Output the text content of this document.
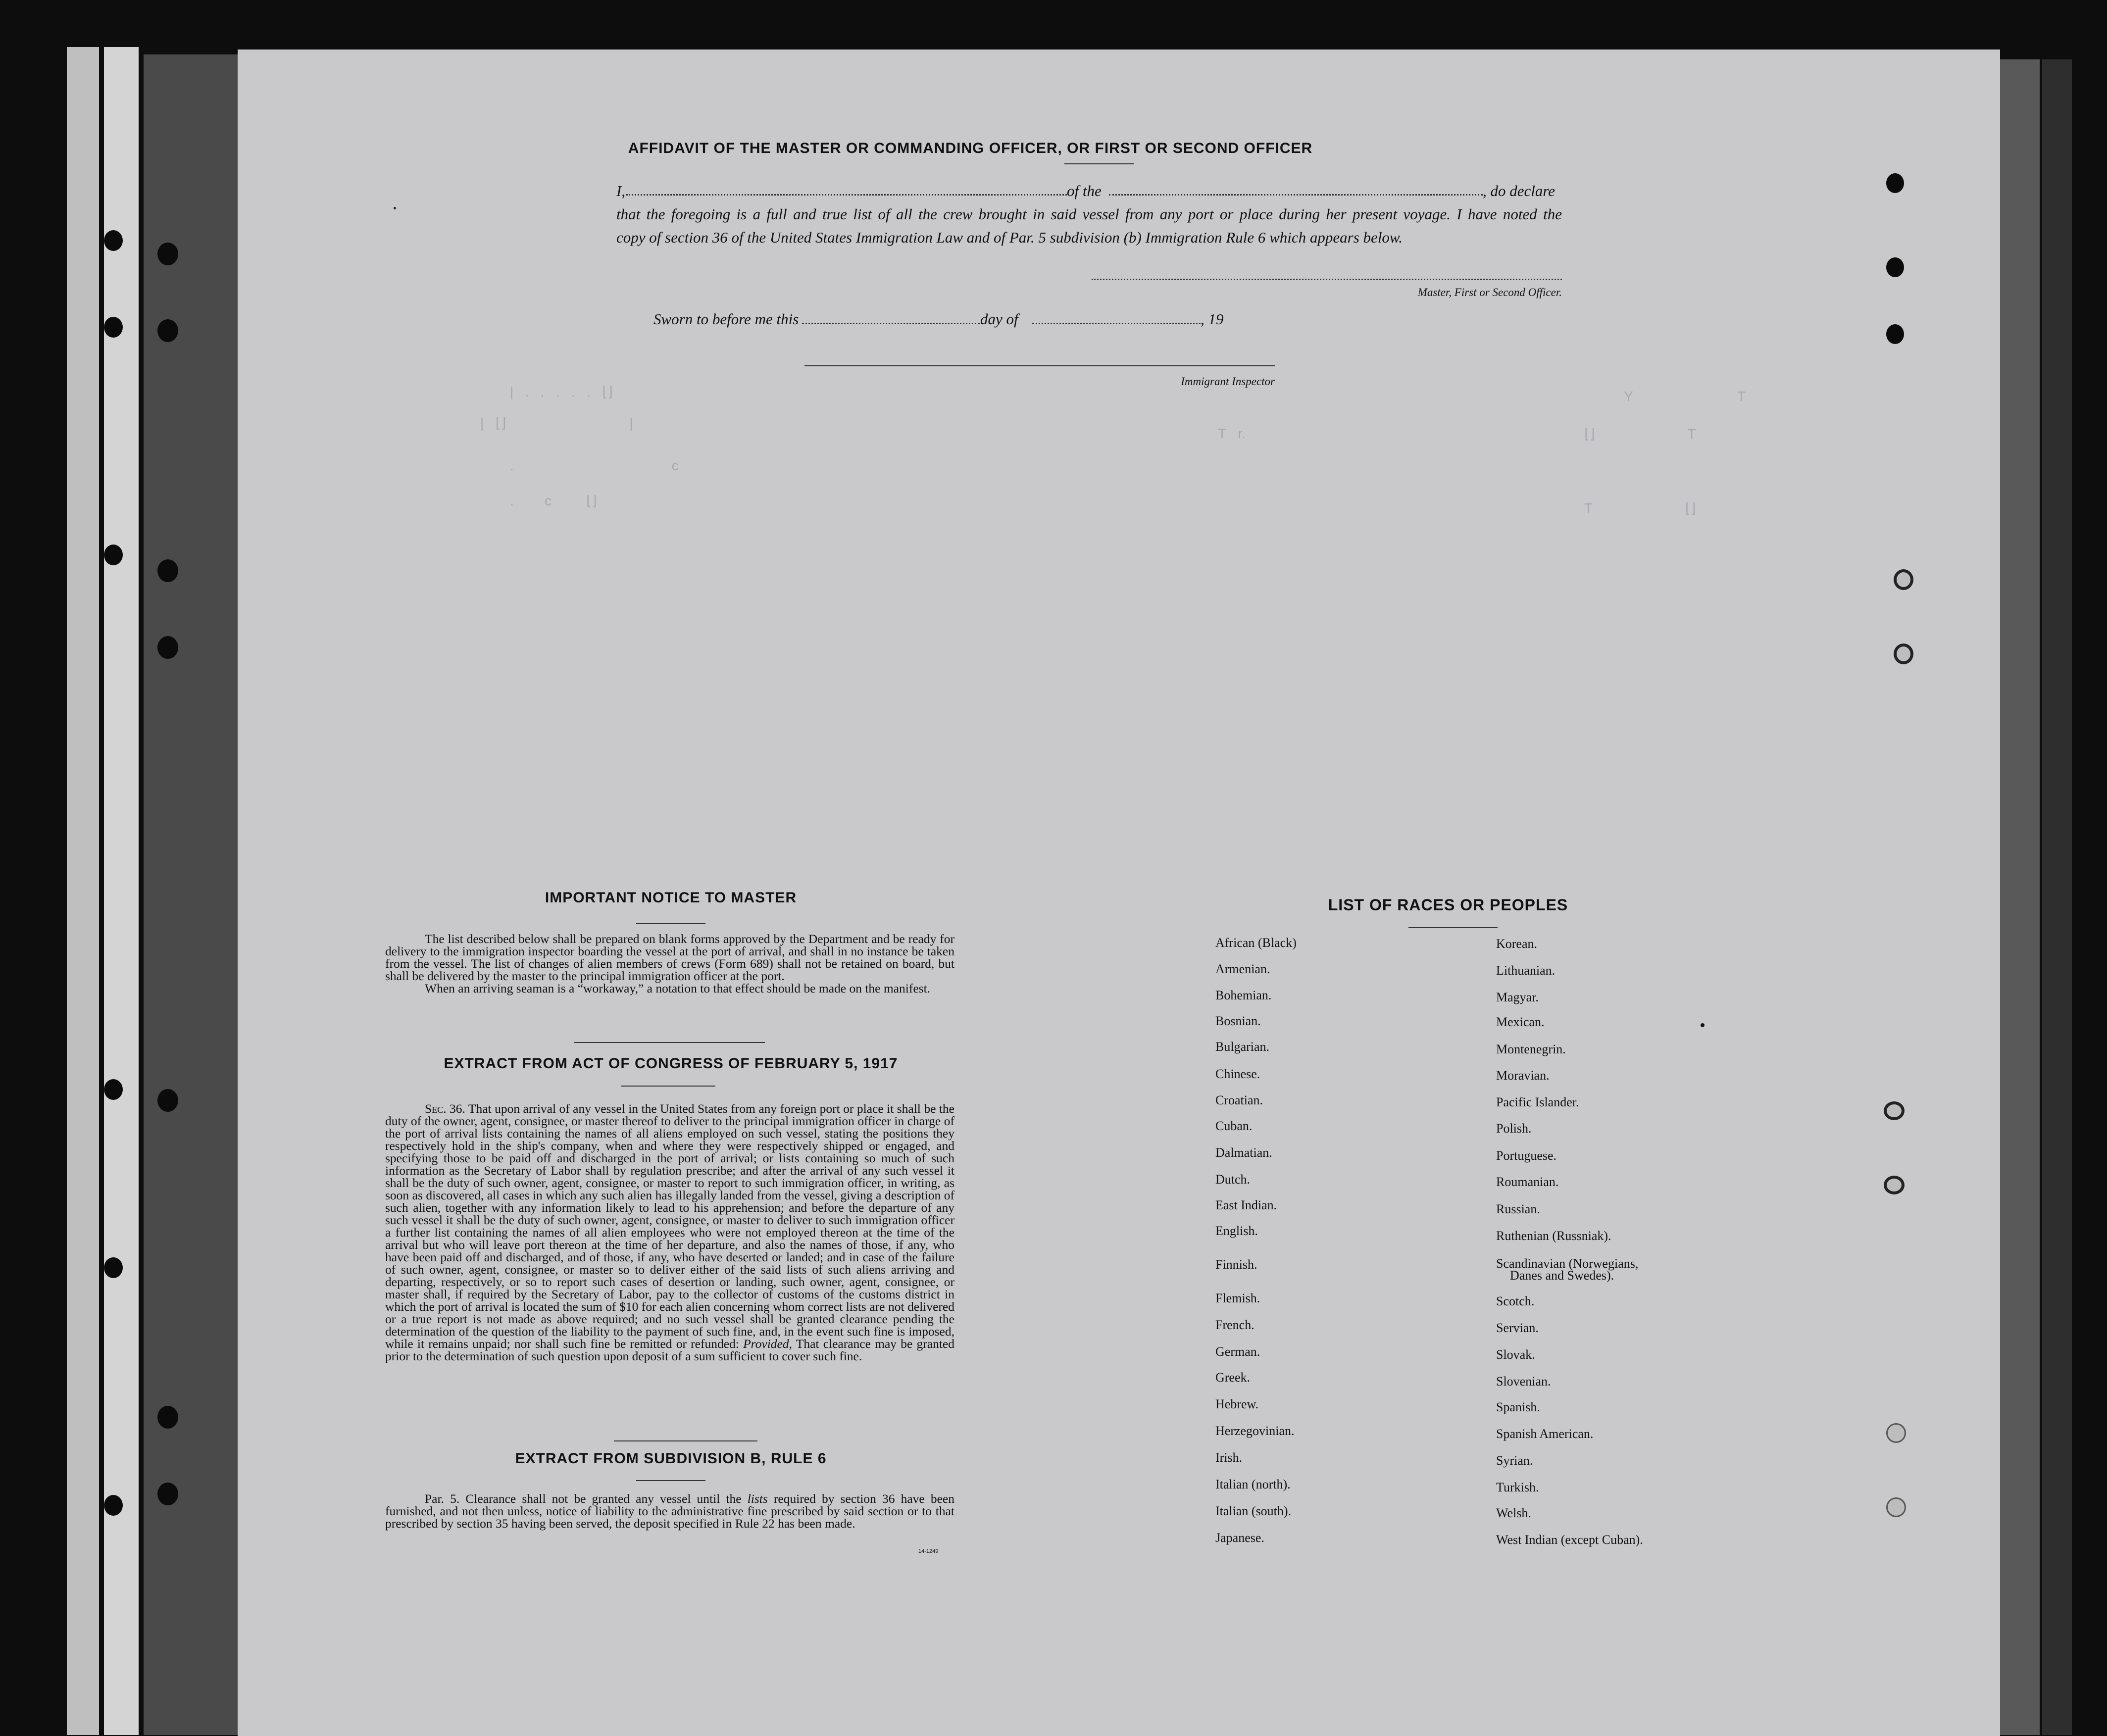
|   .   .   .   .   .   ⌊⌋
|   ⌊⌋                                |
T   r.
Y                           T
⌊⌋                        T
.                                         c
.        c         ⌊⌋	T                        ⌊⌋
AFFIDAVIT OF THE MASTER OR COMMANDING OFFICER, OR FIRST OR SECOND OFFICER
I,	of the	, do declare
that the foregoing is a full and true list of all the crew brought in said vessel from any port or place during her present voyage. I have noted the
copy of section 36 of the United States Immigration Law and of Par. 5 subdivision (b) Immigration Rule 6 which appears below.
Master, First or Second Officer.
Sworn to before me this	day of	, 19
Immigrant Inspector
IMPORTANT NOTICE TO MASTER
The list described below shall be prepared on blank forms approved by the Department and be ready for delivery to the immigration inspector boarding the vessel at the port of arrival, and shall in no instance be taken from the vessel. The list of changes of alien members of crews (Form 689) shall not be retained on board, but shall be delivered by the master to the principal immigration officer at the port.
When an arriving seaman is a “workaway,” a notation to that effect should be made on the manifest.
EXTRACT FROM ACT OF CONGRESS OF FEBRUARY 5, 1917
Sec. 36. That upon arrival of any vessel in the United States from any foreign port or place it shall be the duty of the owner, agent, consignee, or master thereof to deliver to the principal immigration officer in charge of the port of arrival lists containing the names of all aliens employed on such vessel, stating the positions they respectively hold in the ship's company, when and where they were respectively shipped or engaged, and specifying those to be paid off and discharged in the port of arrival; or lists containing so much of such information as the Secretary of Labor shall by regulation prescribe; and after the arrival of any such vessel it shall be the duty of such owner, agent, consignee, or master to report to such immigration officer, in writing, as soon as discovered, all cases in which any such alien has illegally landed from the vessel, giving a description of such alien, together with any information likely to lead to his apprehension; and before the departure of any such vessel it shall be the duty of such owner, agent, consignee, or master to deliver to such immigration officer a further list containing the names of all alien employees who were not employed thereon at the time of the arrival but who will leave port thereon at the time of her departure, and also the names of those, if any, who have been paid off and discharged, and of those, if any, who have deserted or landed; and in case of the failure of such owner, agent, consignee, or master so to deliver either of the said lists of such aliens arriving and departing, respectively, or so to report such cases of desertion or landing, such owner, agent, consignee, or master shall, if required by the Secretary of Labor, pay to the collector of customs of the customs district in which the port of arrival is located the sum of $10 for each alien concerning whom correct lists are not delivered or a true report is not made as above required; and no such vessel shall be granted clearance pending the determination of the question of the liability to the payment of such fine, and, in the event such fine is imposed, while it remains unpaid; nor shall such fine be remitted or refunded: Provided, That clearance may be granted prior to the determination of such question upon deposit of a sum sufficient to cover such fine.
EXTRACT FROM SUBDIVISION B, RULE 6
Par. 5. Clearance shall not be granted any vessel until the lists required by section 36 have been furnished, and not then unless, notice of liability to the administrative fine prescribed by said section or to that prescribed by section 35 having been served, the deposit specified in Rule 22 has been made.
14-1249
LIST OF RACES OR PEOPLES
African (Black)
Armenian.
Bohemian.
Bosnian.
Bulgarian.
Chinese.
Croatian.
Cuban.
Dalmatian.
Dutch.
East Indian.
English.
Finnish.
Flemish.
French.
German.
Greek.
Hebrew.
Herzegovinian.
Irish.
Italian (north).
Italian (south).
Japanese.
Korean.
Lithuanian.
Magyar.
Mexican.
Montenegrin.
Moravian.
Pacific Islander.
Polish.
Portuguese.
Roumanian.
Russian.
Ruthenian (Russniak).
Scandinavian (Norwegians,
Danes and Swedes).
Scotch.
Servian.
Slovak.
Slovenian.
Spanish.
Spanish American.
Syrian.
Turkish.
Welsh.
West Indian (except Cuban).
